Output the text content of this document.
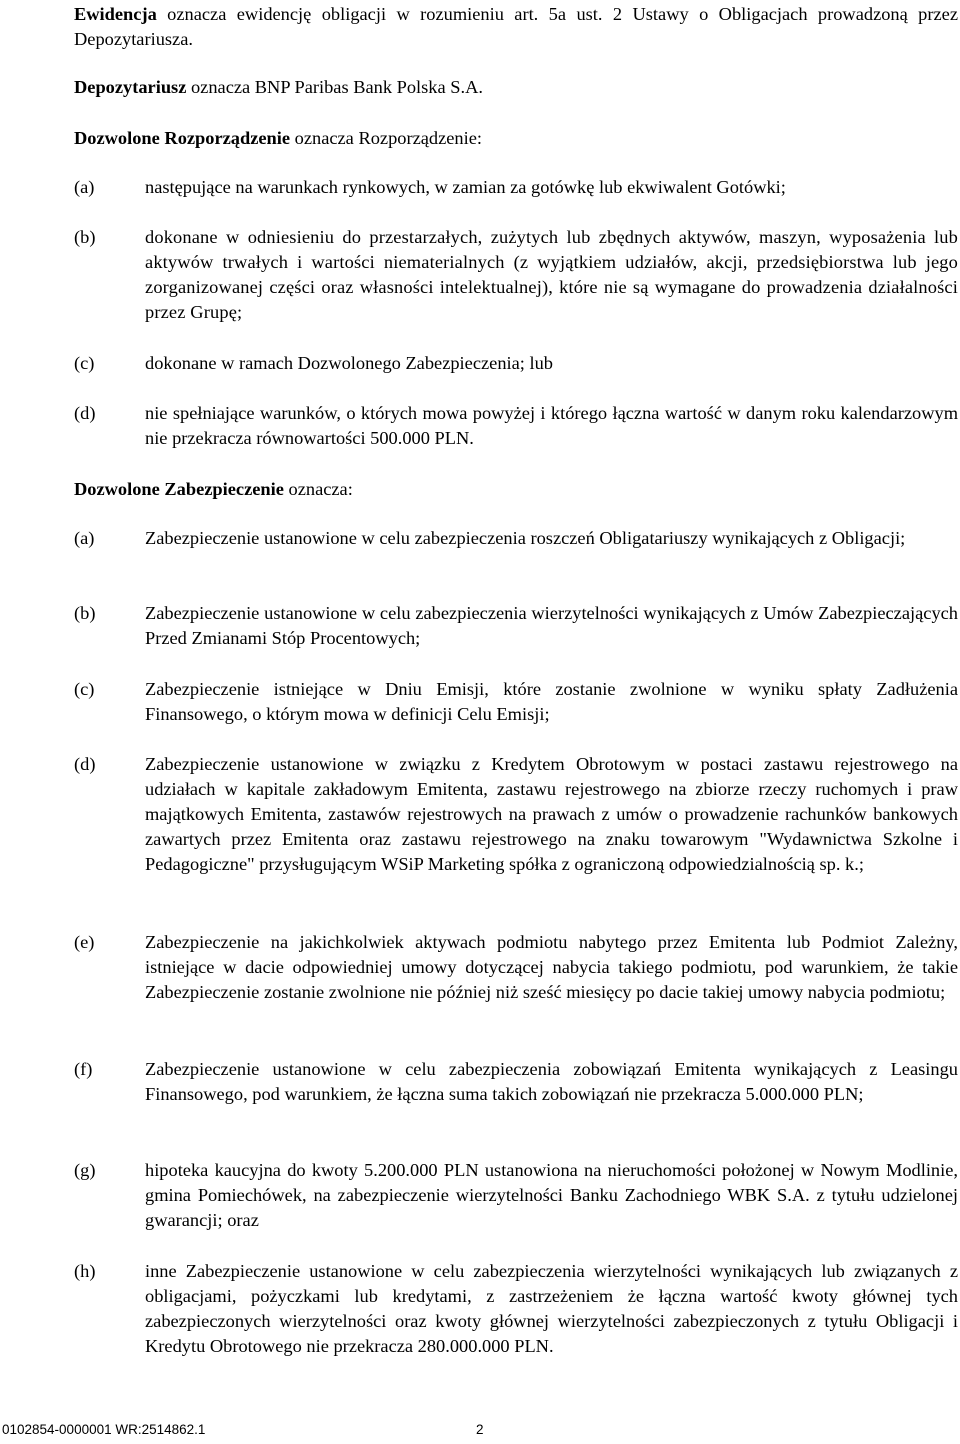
Ewidencja oznacza ewidencję obligacji w rozumieniu art. 5a ust. 2 Ustawy o Obligacjach prowadzoną przez Depozytariusza.
Depozytariusz oznacza BNP Paribas Bank Polska S.A.
Dozwolone Rozporządzenie oznacza Rozporządzenie:
(a)	następujące na warunkach rynkowych, w zamian za gotówkę lub ekwiwalent Gotówki;
(b)	dokonane w odniesieniu do przestarzałych, zużytych lub zbędnych aktywów, maszyn, wyposażenia lub aktywów trwałych i wartości niematerialnych (z wyjątkiem udziałów, akcji, przedsiębiorstwa lub jego zorganizowanej części oraz własności intelektualnej), które nie są wymagane do prowadzenia działalności przez Grupę;
(c)	dokonane w ramach Dozwolonego Zabezpieczenia; lub
(d)	nie spełniające warunków, o których mowa powyżej i którego łączna wartość w danym roku kalendarzowym nie przekracza równowartości 500.000 PLN.
Dozwolone Zabezpieczenie oznacza:
(a)	Zabezpieczenie ustanowione w celu zabezpieczenia roszczeń Obligatariuszy wynikających z Obligacji;
(b)	Zabezpieczenie ustanowione w celu zabezpieczenia wierzytelności wynikających z Umów Zabezpieczających Przed Zmianami Stóp Procentowych;
(c)	Zabezpieczenie istniejące w Dniu Emisji, które zostanie zwolnione w wyniku spłaty Zadłużenia Finansowego, o którym mowa w definicji Celu Emisji;
(d)	Zabezpieczenie ustanowione w związku z Kredytem Obrotowym w postaci zastawu rejestrowego na udziałach w kapitale zakładowym Emitenta, zastawu rejestrowego na zbiorze rzeczy ruchomych i praw majątkowych Emitenta, zastawów rejestrowych na prawach z umów o prowadzenie rachunków bankowych zawartych przez Emitenta oraz zastawu rejestrowego na znaku towarowym "Wydawnictwa Szkolne i Pedagogiczne" przysługującym WSiP Marketing spółka z ograniczoną odpowiedzialnością sp. k.;
(e)	Zabezpieczenie na jakichkolwiek aktywach podmiotu nabytego przez Emitenta lub Podmiot Zależny, istniejące w dacie odpowiedniej umowy dotyczącej nabycia takiego podmiotu, pod warunkiem, że takie Zabezpieczenie zostanie zwolnione nie później niż sześć miesięcy po dacie takiej umowy nabycia podmiotu;
(f)	Zabezpieczenie ustanowione w celu zabezpieczenia zobowiązań Emitenta wynikających z Leasingu Finansowego, pod warunkiem, że łączna suma takich zobowiązań nie przekracza 5.000.000 PLN;
(g)	hipoteka kaucyjna do kwoty 5.200.000 PLN ustanowiona na nieruchomości położonej w Nowym Modlinie, gmina Pomiechówek, na zabezpieczenie wierzytelności Banku Zachodniego WBK S.A. z tytułu udzielonej gwarancji; oraz
(h)	inne Zabezpieczenie ustanowione w celu zabezpieczenia wierzytelności wynikających lub związanych z obligacjami, pożyczkami lub kredytami, z zastrzeżeniem że łączna wartość kwoty głównej tych zabezpieczonych wierzytelności oraz kwoty głównej wierzytelności zabezpieczonych z tytułu Obligacji i Kredytu Obrotowego nie przekracza 280.000.000 PLN.
0102854-0000001 WR:2514862.1	2
